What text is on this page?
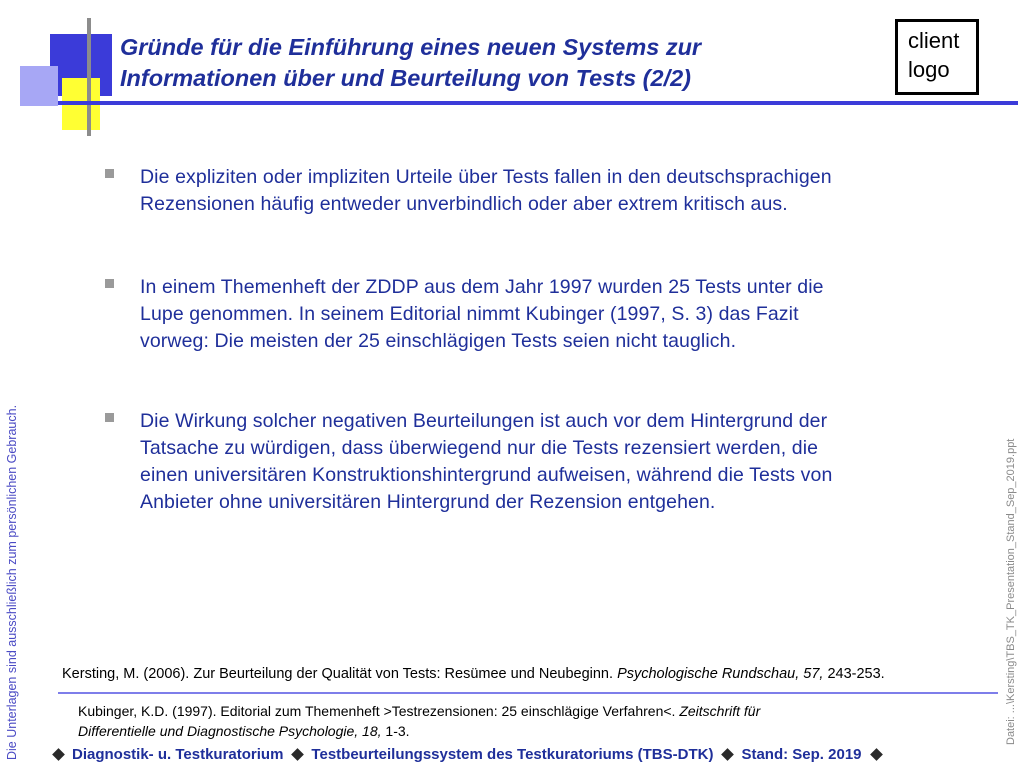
Gründe für die Einführung eines neuen Systems zur
Informationen über und Beurteilung von Tests (2/2)
client
logo
Die expliziten oder impliziten Urteile über Tests fallen in den deutschsprachigen
Rezensionen häufig entweder unverbindlich oder aber extrem kritisch aus.
In einem Themenheft der ZDDP aus dem Jahr 1997 wurden 25 Tests unter die
Lupe genommen. In seinem Editorial nimmt Kubinger (1997, S. 3) das Fazit
vorweg: Die meisten der 25 einschlägigen Tests seien nicht tauglich.
Die Wirkung solcher negativen Beurteilungen ist auch vor dem Hintergrund der
Tatsache zu würdigen, dass überwiegend nur die Tests rezensiert werden, die
einen universitären Konstruktionshintergrund aufweisen, während die Tests von
Anbieter ohne universitären Hintergrund der Rezension entgehen.
Die Unterlagen sind ausschließlich zum persönlichen Gebrauch.	Datei: ...\Kersting\TBS_TK_Presentation_Stand_Sep_2019.ppt
Kersting, M. (2006). Zur Beurteilung der Qualität von Tests: Resümee und Neubeginn. Psychologische Rundschau, 57, 243-253.
Kubinger, K.D. (1997). Editorial zum Themenheft >Testrezensionen: 25 einschlägige Verfahren<. Zeitschrift für
Differentielle und Diagnostische Psychologie, 18, 1-3.
Diagnostik- u. Testkuratorium Testbeurteilungssystem des Testkuratoriums (TBS-DTK) Stand: Sep. 2019
